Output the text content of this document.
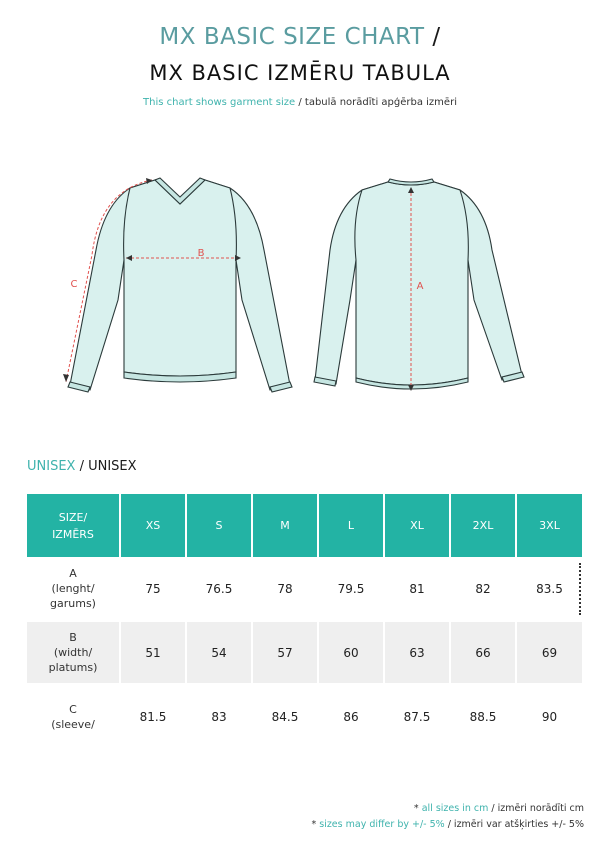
MX BASIC SIZE CHART /
MX BASIC IZMĒRU TABULA
This chart shows garment size / tabulā norādīti apģērba izmēri
B
C	A
UNISEX / UNISEX
SIZE/
IZMĒRS	XS	S	M	L	XL	2XL	3XL

A
(lenght/
garums)	75	76.5	78	79.5	81	82	83.5

B
(width/
platums)	51	54	57	60	63	66	69

C
(sleeve/	81.5	83	84.5	86	87.5	88.5	90
* all sizes in cm / izmēri norādīti cm
* sizes may differ by +/- 5% / izmēri var atšķirties +/- 5%
